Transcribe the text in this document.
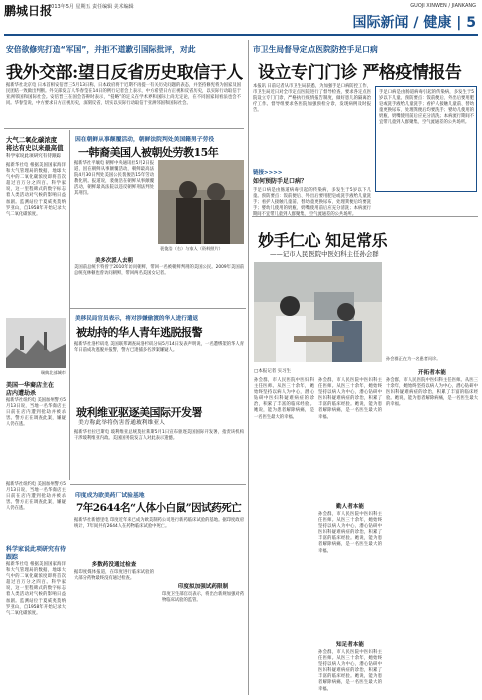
鹏城日报
2013年5月 星期五 责任编辑 美术编辑	GUOJI XINWEN / JIANKANG
国际新闻 / 健康 | 5
安倍欲修宪打造“军国”，并拒不道歉引国际批评，对此
我外交部:望日反省历史取信于人
据新华社北京电 日本首相安倍晋三5月13日称，日本政府将于近期不再提一有关历史问题的表态，并坚持修宪将为国家及国民团结一致做出判断。外交部发言人华春莹在14日的例行记者会上表示，中方希望日方正视和反省历史，以实际行动取信于亚洲邻国和国际社会。安倍晋三在国会答辩时表示，“侵略”的定义在学术界和国际上尚无定论，在不同国家间看法也会不同。华春莹说，中方要求日方正视历史，深刻反省，切实以实际行动取信于亚洲邻国和国际社会。
市卫生局督导定点医院防控手足口病
设立专门门诊 严格疫情报告
本报讯 日前记者从市卫生局获悉，为加强手足口病防控工作，市卫生局近日对全市定点医院进行了督导检查，要求各定点医院设立专门门诊，严格执行疫情报告制度，做好患儿的隔离治疗工作。督导组要求各医院加强预检分诊，发现病例及时报告。
链接>>>>
如何预防手足口病？
手足口病是由肠道病毒引起的传染病，多发生于5岁以下儿童。预防要点：饭前便后、外出后要用肥皂或洗手液给儿童洗手；看护人接触儿童前、替幼童更换尿布、处理粪便后均要洗手；婴幼儿使用的奶瓶、奶嘴使用前后应充分清洗；本病流行期间不宜带儿童到人群聚集、空气流通差的公共场所。
手足口病是由肠道病毒引起的传染病，多发生于5岁以下儿童。预防要点：饭前便后、外出后要用肥皂或洗手液给儿童洗手；看护人接触儿童前、替幼童更换尿布、处理粪便后均要洗手；婴幼儿使用的奶瓶、奶嘴使用前后应充分清洗；本病流行期间不宜带儿童到人群聚集、空气流通差的公共场所。
大气二氧化碳浓度
将达有史以来最高值
科学家说此项研究有待跟踪
据新华社电 根据美国国家海洋和大气管理局的数据，地球大气中的二氧化碳浓度即将首次超过百万分之四百。科学家说，这一里程碑式的数字标志着人类活动对气候的影响日益加剧。监测站位于夏威夷莫纳罗亚山，自1958年开始记录大气二氧化碳浓度。
因在朝鲜从事颠覆活动，朝鲜法院判处美国籍男子劳役
一韩裔美国人被朝处劳教15年
据新华社平壤电 朝鲜中央通讯社5月2日报道，因在朝鲜从事颠覆活动，朝鲜最高法院4月30日判处美国公民裴俊浩15年劳动教化刑。报道说，裴俊浩在朝鲜从事颠覆活动，朝鲜最高法院以违反朝鲜刑法判处其刑罚。
裴俊浩（右）与家人（资料照片）
美多次派人去朝
美国前总统卡特曾于2010年访问朝鲜，带回一名被朝鲜判刑的美国公民。2009年美国前总统克林顿也曾访问朝鲜，带回两名美国女记者。
瑞典北部城市
美国一华裔店主在
店内遭劫杀
据新华社纽约电 美国加州警方5月13日说，当地一名华裔店主日前在店内遭到抢劫并被杀害。警方正在调查此案，嫌疑人仍在逃。
美移民局官员表示，将对涉嫌偷渡的华人进行遣返
被劫持的华人青年逃脱报警
据新华社洛杉矶电 美国联邦调查局洛杉矶分局5月14日发表声明说，一名遭绑架的华人青年日前成功逃脱并报警，警方已逮捕多名涉案嫌疑人。
玻利维亚驱逐美国际开发署
美方称此举将伤害普通玻利维亚人
据新华社拉巴斯电 玻利维亚总统莫拉莱斯5月1日宣布驱逐美国国际开发署，指责该机构干涉玻利维亚内政。美国国务院发言人对此表示遗憾。
据新华社纽约电 美国加州警方5月13日说，当地一名华裔店主日前在店内遭到抢劫并被杀害。警方正在调查此案，嫌疑人仍在逃。
科学家说此项研究有待跟踪
据新华社电 根据美国国家海洋和大气管理局的数据，地球大气中的二氧化碳浓度即将首次超过百万分之四百。科学家说，这一里程碑式的数字标志着人类活动对气候的影响日益加剧。监测站位于夏威夷莫纳罗亚山，自1958年开始记录大气二氧化碳浓度。
印度成为欧美药厂试验基地
7年2644名“人体小白鼠”因试药死亡
据新华社新德里电 印度近年来已成为欧美制药公司进行新药临床试验的基地。据印度政府统计，7年间共有2644人在药物临床试验中死亡。
多数药没通过检查
据印度媒体报道，在印度进行临床试验的大部分药物最终没有通过检查。
印度拟加强试药限制
印度卫生部官员表示，将出台新规加强对药物临床试验的监管。
妙手仁心 知足常乐
——记市人民医院中医妇科主任孙会群
孙会群正在为一名患者问诊。
□本报记者 实习生
孙会群，市人民医院中医妇科主任医师。从医三十余年，她始终坚持以病人为中心，潜心钻研中医妇科疑难病症的诊治，积累了丰富的临床经验。她说，能为患者解除病痛，是一名医生最大的幸福。
孙会群，市人民医院中医妇科主任医师。从医三十余年，她始终坚持以病人为中心，潜心钻研中医妇科疑难病症的诊治，积累了丰富的临床经验。她说，能为患者解除病痛，是一名医生最大的幸福。
勤人者本能
孙会群，市人民医院中医妇科主任医师。从医三十余年，她始终坚持以病人为中心，潜心钻研中医妇科疑难病症的诊治，积累了丰富的临床经验。她说，能为患者解除病痛，是一名医生最大的幸福。
知足者本能
孙会群，市人民医院中医妇科主任医师。从医三十余年，她始终坚持以病人为中心，潜心钻研中医妇科疑难病症的诊治，积累了丰富的临床经验。她说，能为患者解除病痛，是一名医生最大的幸福。
开拓者本能
孙会群，市人民医院中医妇科主任医师。从医三十余年，她始终坚持以病人为中心，潜心钻研中医妇科疑难病症的诊治，积累了丰富的临床经验。她说，能为患者解除病痛，是一名医生最大的幸福。
